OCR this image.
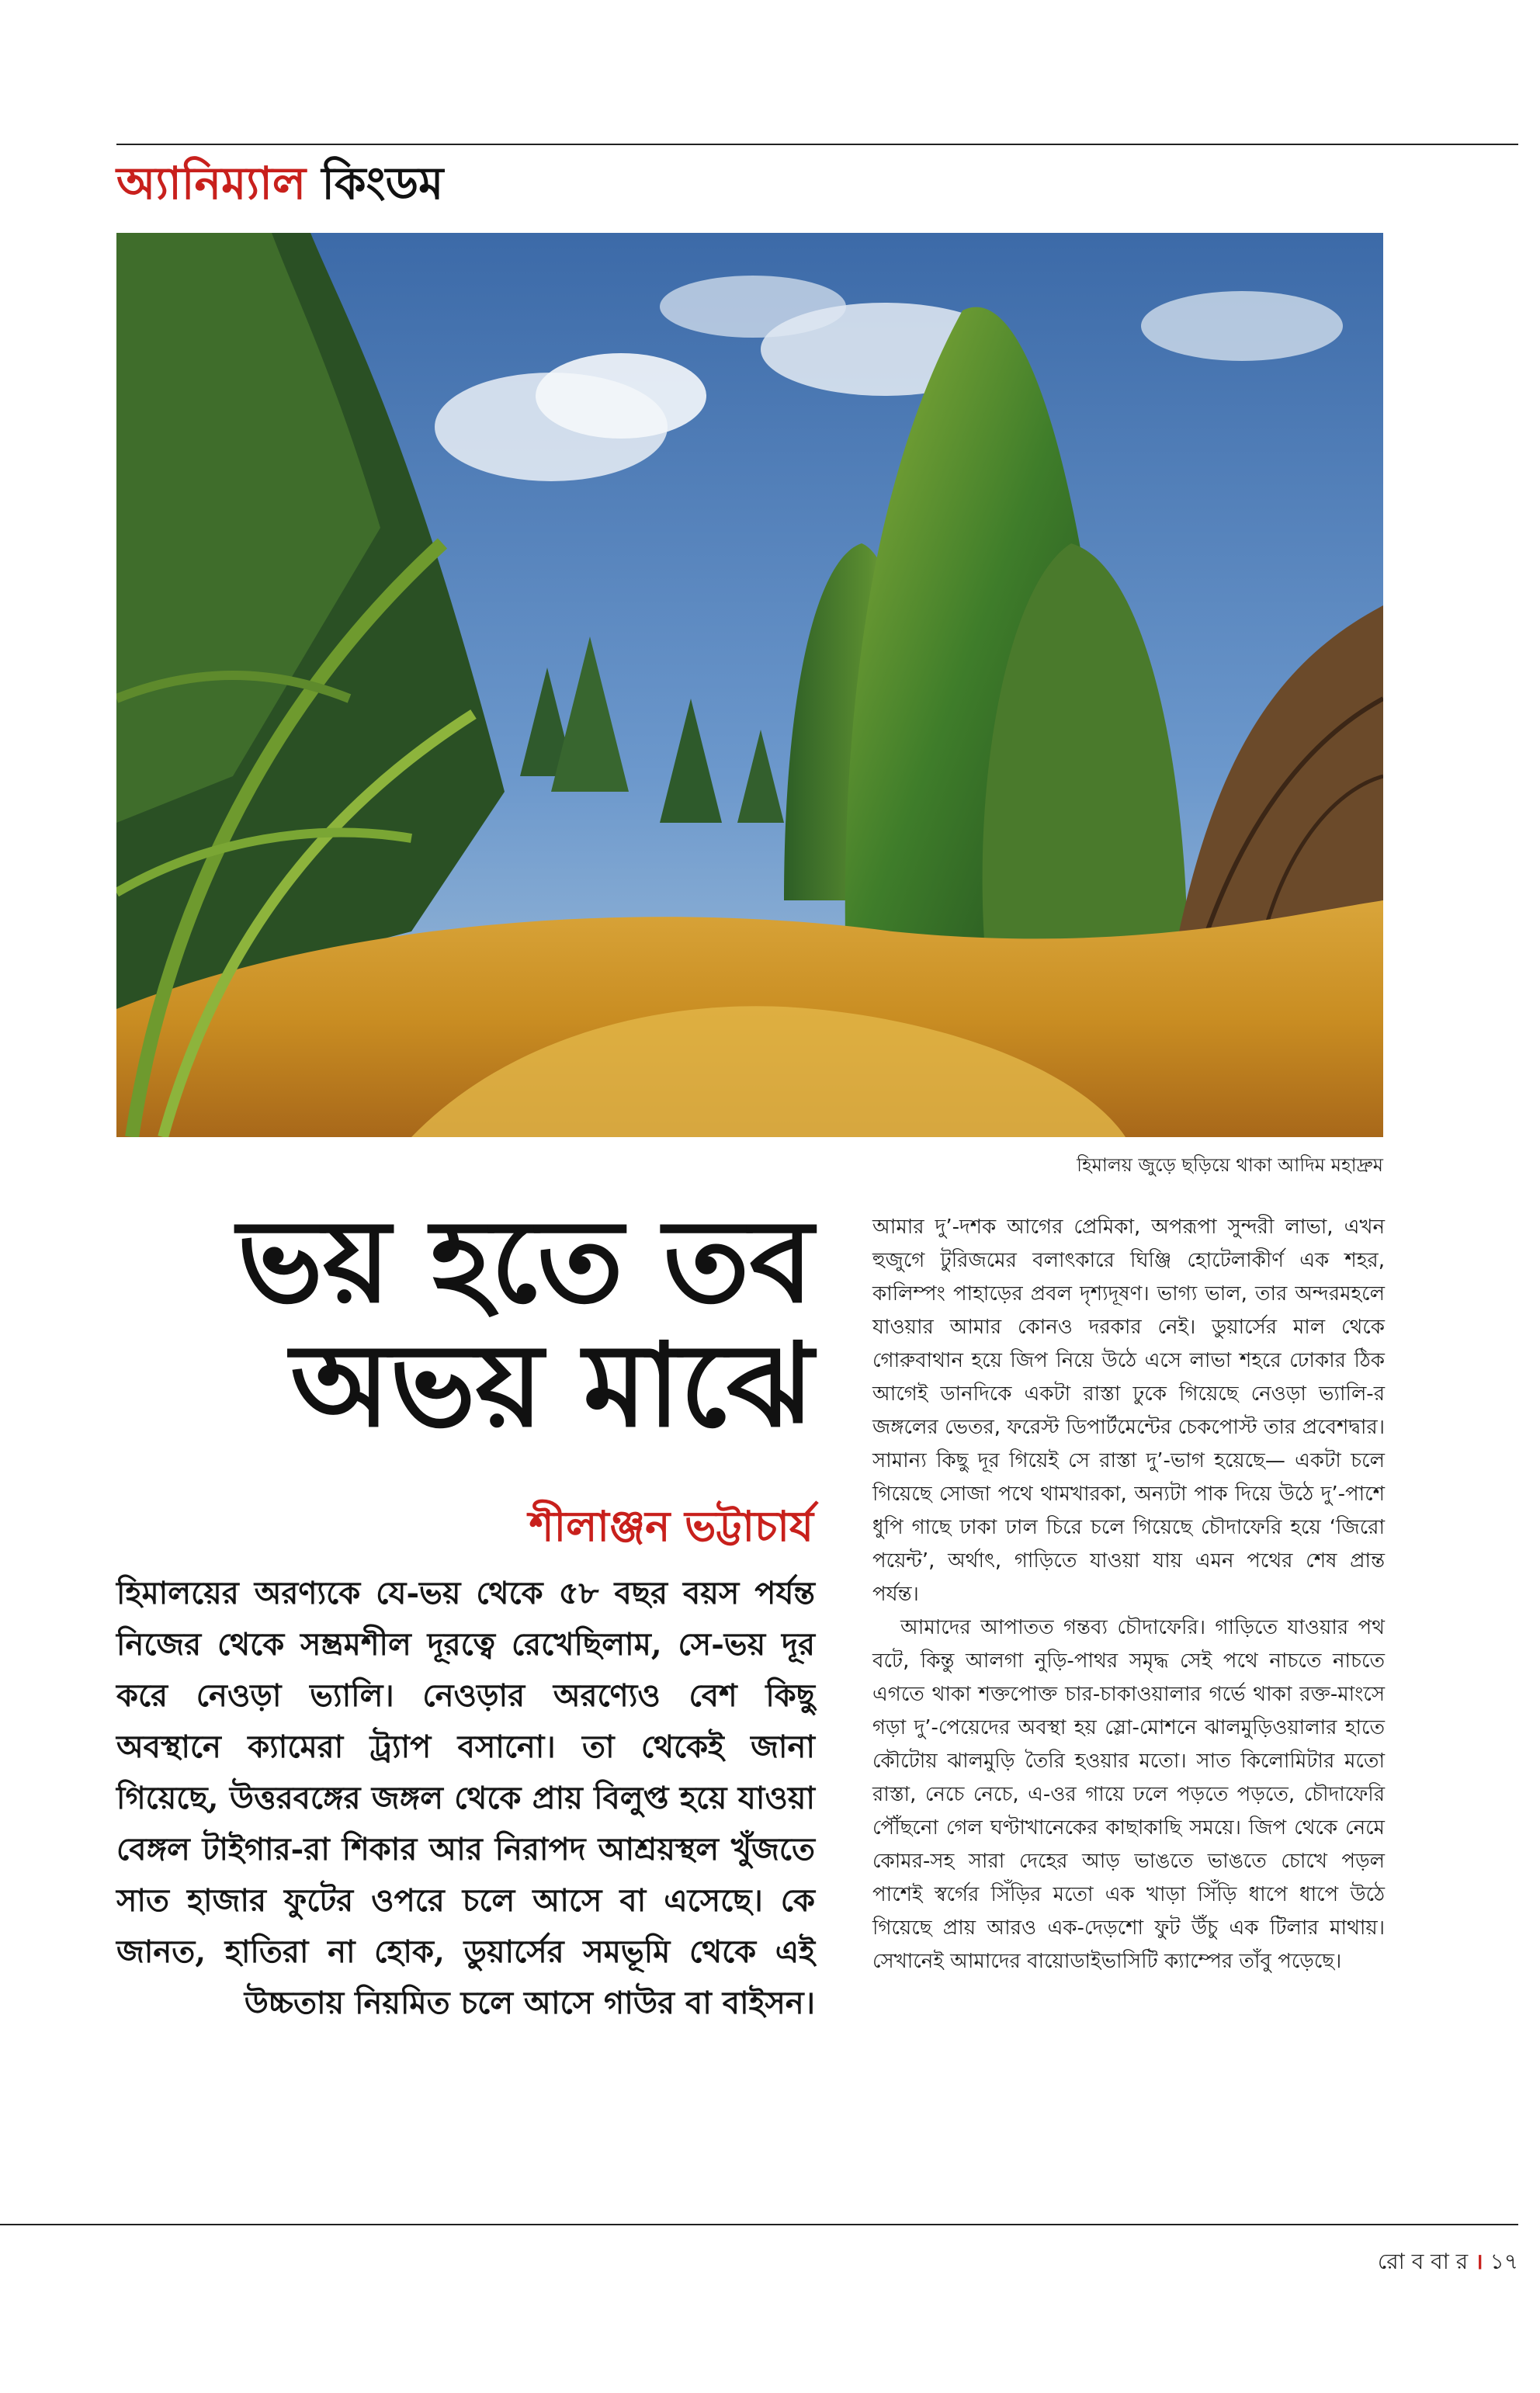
অ্যানিম্যাল কিংডম
হিমালয় জুড়ে ছড়িয়ে থাকা আদিম মহাদ্রুম
ভয় হতে তব
অভয় মাঝে
শীলাঞ্জন ভট্টাচার্য
হিমালয়ের অরণ্যকে যে-ভয় থেকে ৫৮ বছর বয়স পর্যন্ত নিজের থেকে সম্ভ্রমশীল দূরত্বে রেখেছিলাম, সে-ভয় দূর করে নেওড়া ভ্যালি। নেওড়ার অরণ্যেও বেশ কিছু অবস্থানে ক্যামেরা ট্র্যাপ বসানো। তা থেকেই জানা গিয়েছে, উত্তরবঙ্গের জঙ্গল থেকে প্রায় বিলুপ্ত হয়ে যাওয়া বেঙ্গল টাইগার-রা শিকার আর নিরাপদ আশ্রয়স্থল খুঁজতে সাত হাজার ফুটের ওপরে চলে আসে বা এসেছে। কে জানত, হাতিরা না হোক, ডুয়ার্সের সমভূমি থেকে এই উচ্চতায় নিয়মিত চলে আসে গাউর বা বাইসন।

আমার দু’-দশক আগের প্রেমিকা, অপরূপা সুন্দরী লাভা, এখন হুজুগে টুরিজমের বলাৎকারে ঘিঞ্জি হোটেলাকীর্ণ এক শহর, কালিম্পং পাহাড়ের প্রবল দৃশ্যদূষণ। ভাগ্য ভাল, তার অন্দরমহলে যাওয়ার আমার কোনও দরকার নেই। ডুয়ার্সের মাল থেকে গোরুবাথান হয়ে জিপ নিয়ে উঠে এসে লাভা শহরে ঢোকার ঠিক আগেই ডানদিকে একটা রাস্তা ঢুকে গিয়েছে নেওড়া ভ্যালি-র জঙ্গলের ভেতর, ফরেস্ট ডিপার্টমেন্টের চেকপোস্ট তার প্রবেশদ্বার। সামান্য কিছু দূর গিয়েই সে রাস্তা দু’-ভাগ হয়েছে— একটা চলে গিয়েছে সোজা পথে থামখারকা, অন্যটা পাক দিয়ে উঠে দু’-পাশে ধুপি গাছে ঢাকা ঢাল চিরে চলে গিয়েছে চৌদাফেরি হয়ে ‘জিরো পয়েন্ট’, অর্থাৎ, গাড়িতে যাওয়া যায় এমন পথের শেষ প্রান্ত পর্যন্ত।

আমাদের আপাতত গন্তব্য চৌদাফেরি। গাড়িতে যাওয়ার পথ বটে, কিন্তু আলগা নুড়ি-পাথর সমৃদ্ধ সেই পথে নাচতে নাচতে এগতে থাকা শক্তপোক্ত চার-চাকাওয়ালার গর্ভে থাকা রক্ত-মাংসে গড়া দু’-পেয়েদের অবস্থা হয় স্লো-মোশনে ঝালমুড়িওয়ালার হাতে কৌটোয় ঝালমুড়ি তৈরি হওয়ার মতো। সাত কিলোমিটার মতো রাস্তা, নেচে নেচে, এ-ওর গায়ে ঢলে পড়তে পড়তে, চৌদাফেরি পৌঁছনো গেল ঘণ্টাখানেকের কাছাকাছি সময়ে। জিপ থেকে নেমে কোমর-সহ সারা দেহের আড় ভাঙতে ভাঙতে চোখে পড়ল পাশেই স্বর্গের সিঁড়ির মতো এক খাড়া সিঁড়ি ধাপে ধাপে উঠে গিয়েছে প্রায় আরও এক-দেড়শো ফুট উঁচু এক টিলার মাথায়। সেখানেই আমাদের বায়োডাইভাসিটি ক্যাম্পের তাঁবু পড়েছে।

রো ব বা র । ১৭
